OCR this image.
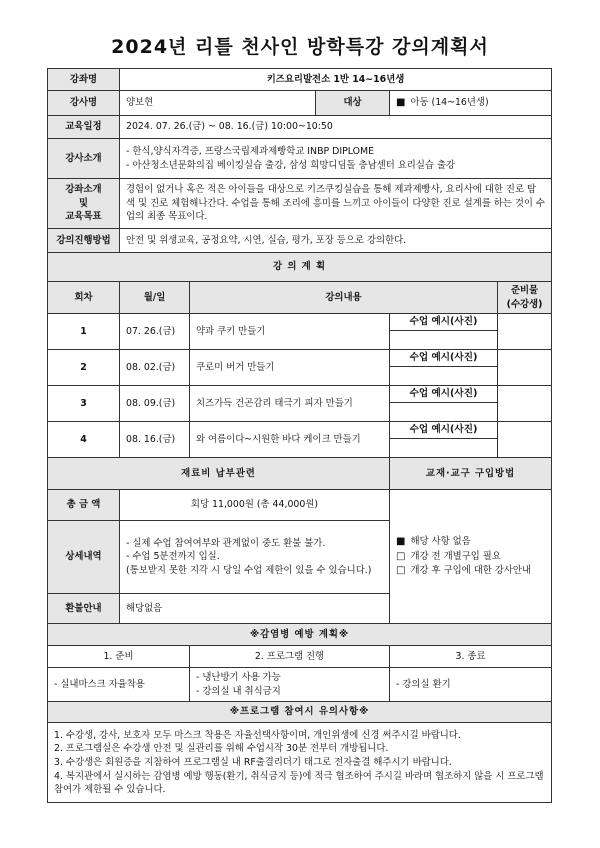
2024년 리틀 천사인 방학특강 강의계획서
강좌명	키즈요리발전소 1반 14~16년생				
강사명	양보현		대상	■ 아동 (14~16년생)	
교육일정	2024. 07. 26.(금) ~ 08. 16.(금) 10:00~10:50				
강사소개	- 한식,양식자격증, 프랑스국립제과제빵학교 INBP DIPLOME
- 아산청소년문화의집 베이킹실습 출강, 삼성 희망디딤돌 충남센터 요리실습 출강				

강좌소개
및
교육목표	경험이 없거나 혹은 적은 아이들을 대상으로 키즈쿠킹실습을 통해 제과제빵사, 요리사에 대한 진로 탐색 및 진로 체험해나간다. 수업을 통해 조리에 흥미를 느끼고 아이들이 다양한 진로 설계를 하는 것이 수업의 최종 목표이다.				
강의진행방법	안전 및 위생교육, 공정요약, 시연, 실습, 평가, 포장 등으로 강의한다.				
강 의 계 획					
회차	월/일	강의내용			준비물
(수강생)

1	07. 26.(금)	약과 쿠키 만들기		수업 예시(사진)	

2	08. 02.(금)	쿠로미 버거 만들기		수업 예시(사진)	

3	08. 09.(금)	치즈가득 건곤감리 태극기 피자 만들기		수업 예시(사진)	

4	08. 16.(금)	와 여름이다~시원한 바다 케이크 만들기		수업 예시(사진)	

재료비 납부관련				교재·교구 구입방법	
총 금 액	회당 11,000원 (총 44,000원)			■ 해당 사항 없음
□ 개강 전 개별구입 필요
□ 개강 후 구입에 대한 강사안내	

상세내역	- 실제 수업 참여여부와 관계없이 중도 환불 불가.
- 수업 5분전까지 입실.
(통보받지 못한 지각 시 당일 수업 제한이 있을 수 있습니다.)				

환불안내	해당없음				
※감염병 예방 계획※					
1. 준비		2. 프로그램 진행		3. 종료	
- 실내마스크 자율착용		- 냉난방기 사용 가능
- 강의실 내 취식금지		- 강의실 환기	
※프로그램 참여시 유의사항※					

1. 수강생, 강사, 보호자 모두 마스크 착용은 자율선택사항이며, 개인위생에 신경 써주시길 바랍니다.
2. 프로그램실은 수강생 안전 및 실관리를 위해 수업시작 30분 전부터 개방됩니다.
3. 수강생은 회원증을 지참하여 프로그램실 내 RF출결리더기 태그로 전자출결 해주시기 바랍니다.
4. 복지관에서 실시하는 감염병 예방 행동(환기, 취식금지 등)에 적극 협조하여 주시길 바라며 협조하지 않을 시 프로그램 참여가 제한될 수 있습니다.					
